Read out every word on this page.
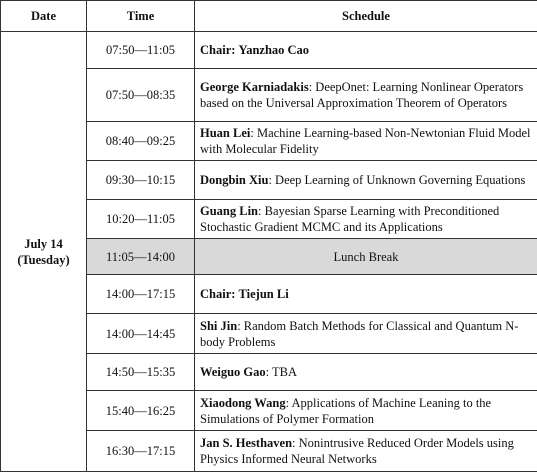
Date	Time	Schedule

July 14
(Tuesday)	07:50—11:05	Chair: Yanzhao Cao
	07:50—08:35	George Karniadakis: DeepOnet: Learning Nonlinear Operators based on the Universal Approximation Theorem of Operators
	08:40—09:25	Huan Lei: Machine Learning-based Non-Newtonian Fluid Model with Molecular Fidelity
	09:30—10:15	Dongbin Xiu: Deep Learning of Unknown Governing Equations
	10:20—11:05	Guang Lin: Bayesian Sparse Learning with Preconditioned Stochastic Gradient MCMC and its Applications
	11:05—14:00	Lunch Break
	14:00—17:15	Chair: Tiejun Li
	14:00—14:45	Shi Jin: Random Batch Methods for Classical and Quantum N-body Problems
	14:50—15:35	Weiguo Gao: TBA
	15:40—16:25	Xiaodong Wang: Applications of Machine Leaning to the Simulations of Polymer Formation
	16:30—17:15	Jan S. Hesthaven: Nonintrusive Reduced Order Models using Physics Informed Neural Networks
